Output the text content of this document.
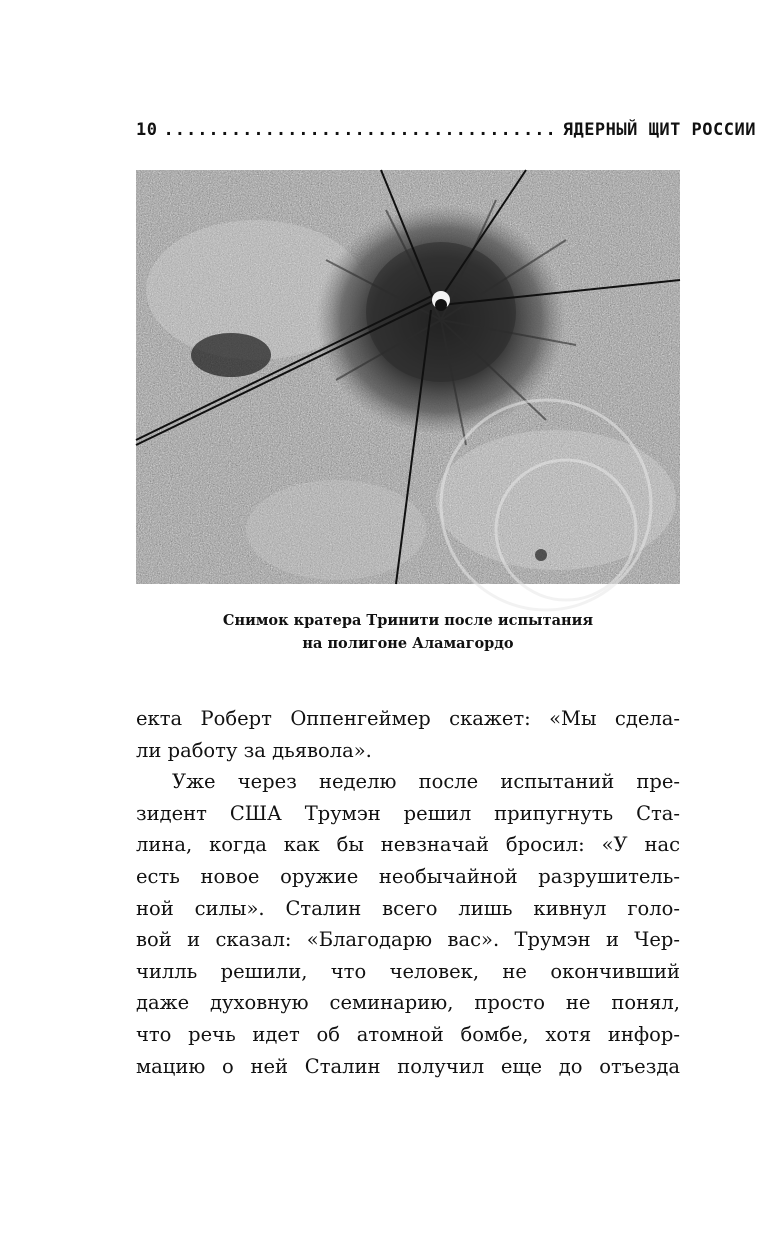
10 ................................... ЯДЕРНЫЙ ЩИТ РОССИИ
Снимок кратера Тринити после испытания
на полигоне Аламагордо
екта Роберт Оппенгеймер скажет: «Мы сдела-
ли работу за дьявола».
Уже через неделю после испытаний пре-
зидент США Трумэн решил припугнуть Ста-
лина, когда как бы невзначай бросил: «У нас
есть новое оружие необычайной разрушитель-
ной силы». Сталин всего лишь кивнул голо-
вой и сказал: «Благодарю вас». Трумэн и Чер-
чилль решили, что человек, не окончивший
даже духовную семинарию, просто не понял,
что речь идет об атомной бомбе, хотя инфор-
мацию о ней Сталин получил еще до отъезда
